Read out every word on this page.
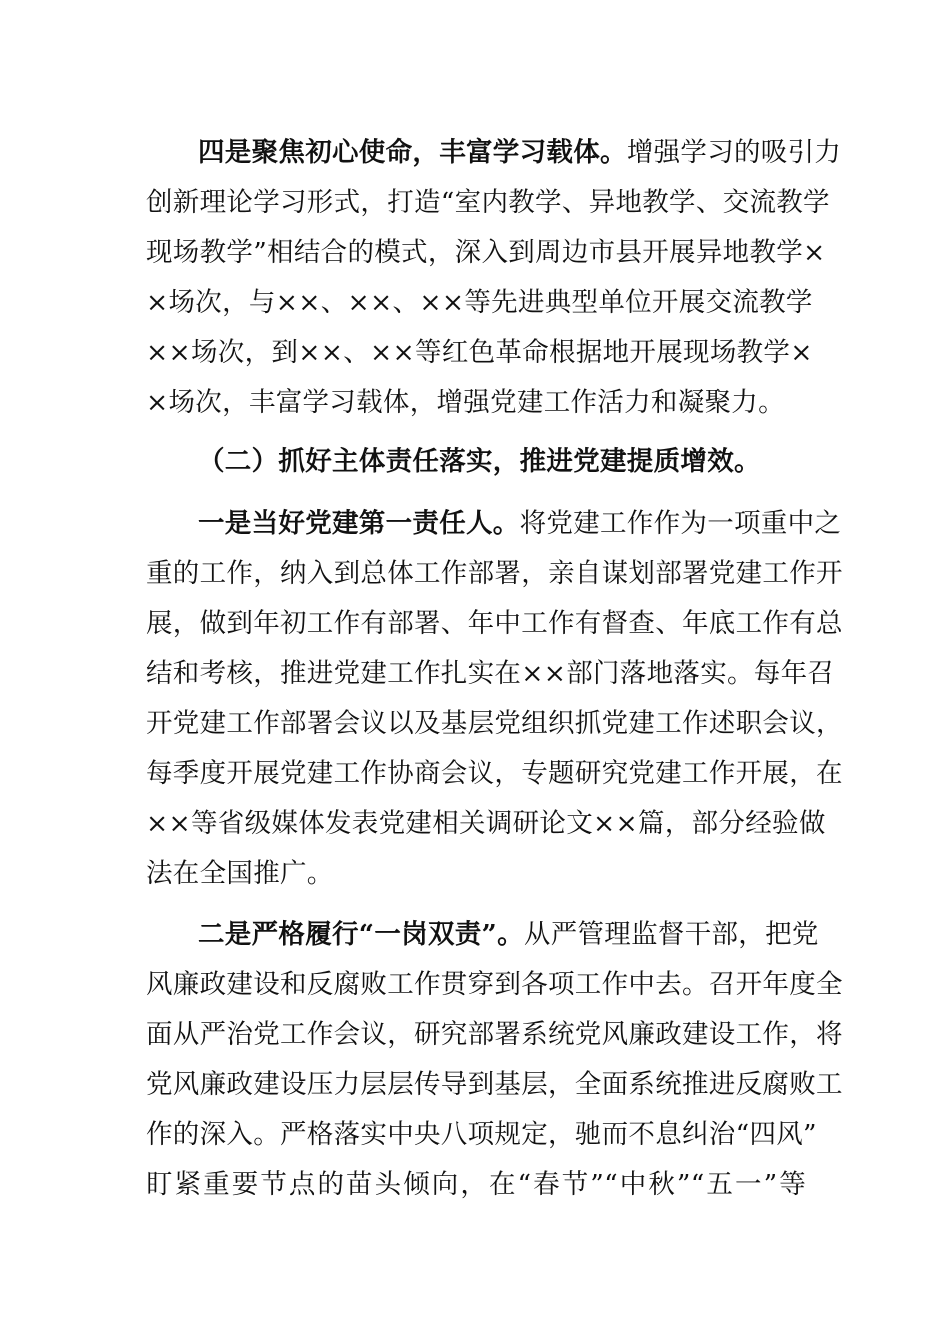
四是聚焦初心使命，丰富学习载体。增强学习的吸引力
创新理论学习形式，打造“室内教学、异地教学、交流教学
现场教学”相结合的模式，深入到周边市县开展异地教学×
×场次，与××、××、××等先进典型单位开展交流教学
××场次，到××、××等红色革命根据地开展现场教学×
×场次，丰富学习载体，增强党建工作活力和凝聚力。
（二）抓好主体责任落实，推进党建提质增效。
一是当好党建第一责任人。将党建工作作为一项重中之
重的工作，纳入到总体工作部署，亲自谋划部署党建工作开
展，做到年初工作有部署、年中工作有督查、年底工作有总
结和考核，推进党建工作扎实在××部门落地落实。每年召
开党建工作部署会议以及基层党组织抓党建工作述职会议，
每季度开展党建工作协商会议，专题研究党建工作开展，在
××等省级媒体发表党建相关调研论文××篇，部分经验做
法在全国推广。
二是严格履行“一岗双责”。从严管理监督干部，把党
风廉政建设和反腐败工作贯穿到各项工作中去。召开年度全
面从严治党工作会议，研究部署系统党风廉政建设工作，将
党风廉政建设压力层层传导到基层，全面系统推进反腐败工
作的深入。严格落实中央八项规定，驰而不息纠治“四风”
盯紧重要节点的苗头倾向，在“春节”“中秋”“五一”等
